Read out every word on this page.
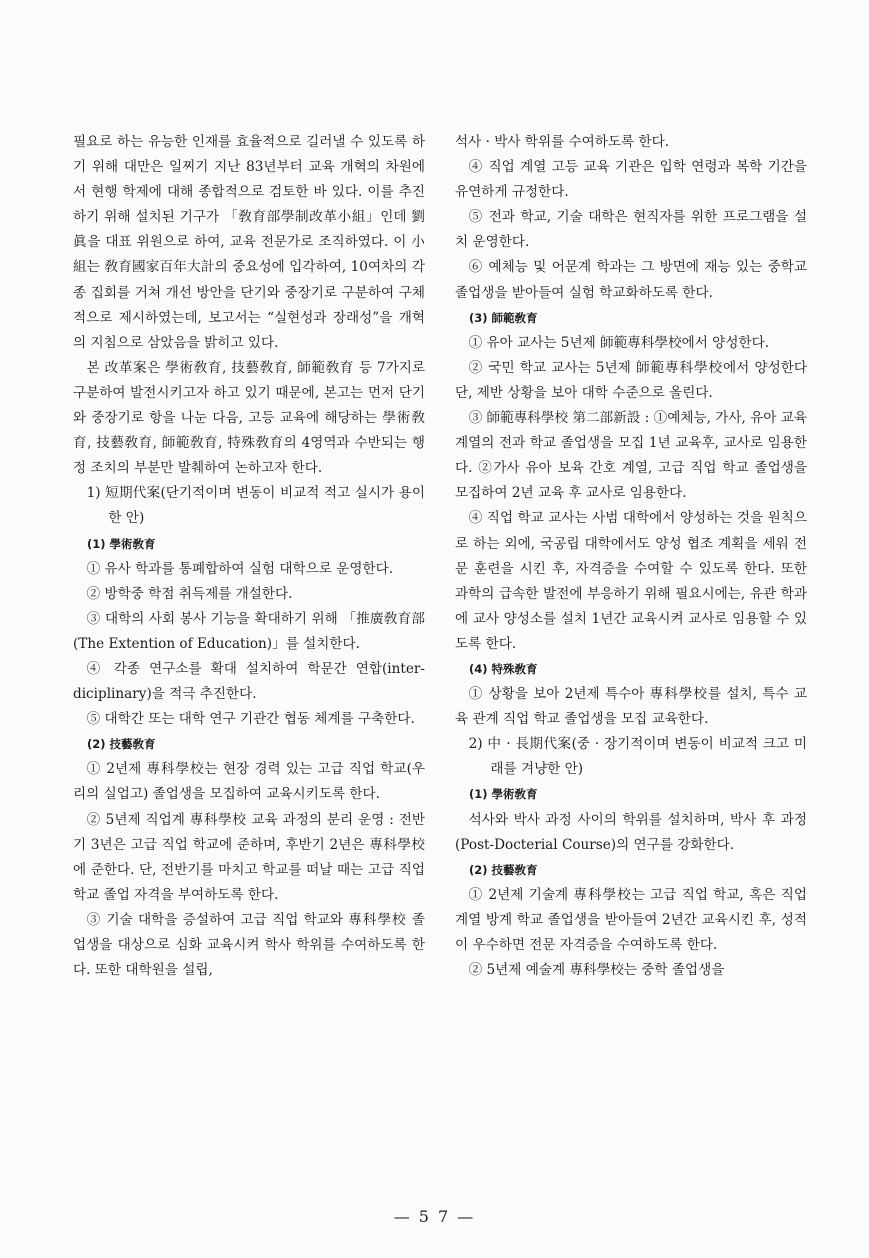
필요로 하는 유능한 인재를 효율적으로 길러낼 수 있도록 하기 위해 대만은 일찌기 지난 83년부터 교육 개혁의 차원에서 현행 학제에 대해 종합적으로 검토한 바 있다. 이를 추진하기 위해 설치된 기구가 「敎育部學制改革小組」인데 劉眞을 대표 위원으로 하여, 교육 전문가로 조직하였다. 이 小組는 敎育國家百年大計의 중요성에 입각하여, 10여차의 각종 집회를 거쳐 개선 방안을 단기와 중장기로 구분하여 구체적으로 제시하였는데, 보고서는 “실현성과 장래성”을 개혁의 지침으로 삼았음을 밝히고 있다.

본 改革案은 學術敎育, 技藝敎育, 師範敎育 등 7가지로 구분하여 발전시키고자 하고 있기 때문에, 본고는 먼저 단기와 중장기로 항을 나눈 다음, 고등 교육에 해당하는 學術敎育, 技藝敎育, 師範敎育, 特殊敎育의 4영역과 수반되는 행정 조치의 부분만 발췌하여 논하고자 한다.

1) 短期代案(단기적이며 변동이 비교적 적고 실시가 용이한 안)

(1) 學術敎育

① 유사 학과를 통폐합하여 실험 대학으로 운영한다.

② 방학중 학점 취득제를 개설한다.

③ 대학의 사회 봉사 기능을 확대하기 위해 「推廣敎育部(The Extention of Education)」를 설치한다.

④ 각종 연구소를 확대 설치하여 학문간 연합(inter-diciplinary)을 적극 추진한다.

⑤ 대학간 또는 대학 연구 기관간 협동 체계를 구축한다.

(2) 技藝敎育

① 2년제 專科學校는 현장 경력 있는 고급 직업 학교(우리의 실업고) 졸업생을 모집하여 교육시키도록 한다.

② 5년제 직업계 專科學校 교육 과정의 분리 운영 : 전반기 3년은 고급 직업 학교에 준하며, 후반기 2년은 專科學校에 준한다. 단, 전반기를 마치고 학교를 떠날 때는 고급 직업 학교 졸업 자격을 부여하도록 한다.

③ 기술 대학을 증설하여 고급 직업 학교와 專科學校 졸업생을 대상으로 심화 교육시켜 학사 학위를 수여하도록 한다. 또한 대학원을 설립,

석사 · 박사 학위를 수여하도록 한다.

④ 직업 계열 고등 교육 기관은 입학 연령과 복학 기간을 유연하게 규정한다.

⑤ 전과 학교, 기술 대학은 현직자를 위한 프로그램을 설치 운영한다.

⑥ 예체능 및 어문계 학과는 그 방면에 재능 있는 중학교 졸업생을 받아들여 실험 학교화하도록 한다.

(3) 師範敎育

① 유아 교사는 5년제 師範專科學校에서 양성한다.

② 국민 학교 교사는 5년제 師範專科學校에서 양성한다 단, 제반 상황을 보아 대학 수준으로 올린다.

③ 師範專科學校 第二部新設 : ①예체능, 가사, 유아 교육 계열의 전과 학교 졸업생을 모집 1년 교육후, 교사로 임용한다. ②가사 유아 보육 간호 계열, 고급 직업 학교 졸업생을 모집하여 2년 교육 후 교사로 임용한다.

④ 직업 학교 교사는 사범 대학에서 양성하는 것을 원칙으로 하는 외에, 국공립 대학에서도 양성 협조 계획을 세워 전문 훈련을 시킨 후, 자격증을 수여할 수 있도록 한다. 또한 과학의 급속한 발전에 부응하기 위해 필요시에는, 유관 학과에 교사 양성소를 설치 1년간 교육시켜 교사로 임용할 수 있도록 한다.

(4) 特殊敎育

① 상황을 보아 2년제 특수아 專科學校를 설치, 특수 교육 관계 직업 학교 졸업생을 모집 교육한다.

2) 中 · 長期代案(중 · 장기적이며 변동이 비교적 크고 미래를 겨냥한 안)

(1) 學術敎育

석사와 박사 과정 사이의 학위를 설치하며, 박사 후 과정(Post-Docterial Course)의 연구를 강화한다.

(2) 技藝敎育

① 2년제 기술계 專科學校는 고급 직업 학교, 혹은 직업 계열 방계 학교 졸업생을 받아들여 2년간 교육시킨 후, 성적이 우수하면 전문 자격증을 수여하도록 한다.

② 5년제 예술계 專科學校는 중학 졸업생을

— 5 7 —
